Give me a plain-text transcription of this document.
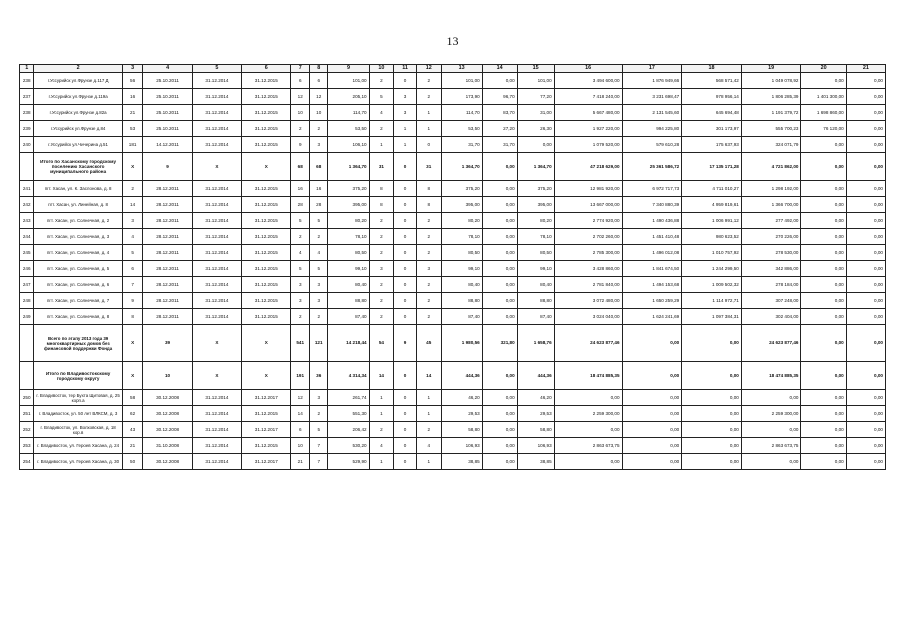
13
1	2	3	4	5	6	7	8	9	10	11	12	13	14	15	16	17	18	19	20	21
238	г.Уссурийск ул.Фрунзе д.117 Д	56	25.10.2011	31.12.2014	31.12.2015	6	6	101,00	2	0	2	101,00	0,00	101,00	3 494 600,00	1 876 949,66	568 571,42	1 049 078,92	0,00	0,00
237	г.Уссурийск ул.Фрунзе д.119а	16	25.10.2011	31.12.2014	31.12.2015	12	12	205,10	5	3	2	173,90	96,70	77,20	7 418 240,00	3 231 698,47	978 956,14	1 806 285,39	1 401 300,00	0,00
238	г.Уссурийск ул.Фрунзе д.82а	21	25.10.2011	31.12.2014	31.12.2015	10	10	114,70	4	3	1	114,70	83,70	31,00	5 667 480,00	2 131 545,60	645 694,48	1 191 379,72	1 698 860,00	0,00
239	г.Уссурийск ул.Фрунзе д.84	53	25.10.2011	31.12.2014	31.12.2015	2	2	53,50	2	1	1	53,50	27,20	26,30	1 927 220,00	994 225,80	301 173,97	555 700,23	76 120,00	0,00
240	г.Уссурийск ул.Чичерина д.51	181	14.12.2011	31.12.2014	31.12.2015	9	3	106,10	1	1	0	31,70	31,70	0,00	1 079 520,00	579 610,28	175 637,93	324 071,79	0,00	0,00
	Итого по Хасанскому городскому поселению Хасанского муниципального района	Х	9	Х	Х	68	68	1 364,70	31	0	31	1 364,70	0,00	1 364,70	47 218 629,00	25 361 586,72	17 135 171,28	4 721 862,00	0,00	0,00
241	пгт. Хасан, ул. К. Заслонова, д. 8	2	28.12.2011	31.12.2014	31.12.2015	16	16	375,20	8	0	8	375,20	0,00	375,20	12 981 920,00	6 972 717,73	4 711 010,27	1 298 192,00	0,00	0,00
242	пгт. Хасан, ул. Линейная, д. 8	14	28.12.2011	31.12.2014	31.12.2015	28	28	395,00	8	0	8	395,00	0,00	395,00	13 667 000,00	7 340 880,39	4 959 819,61	1 366 700,00	0,00	0,00
243	пгт. Хасан, ул. Солнечная, д. 2	3	28.12.2011	31.12.2014	31.12.2015	5	5	80,20	2	0	2	80,20	0,00	80,20	2 774 920,00	1 490 436,88	1 006 991,12	277 492,00	0,00	0,00
244	пгт. Хасан, ул. Солнечная, д. 3	4	28.12.2011	31.12.2014	31.12.2015	2	2	78,10	2	0	2	78,10	0,00	78,10	2 702 260,00	1 451 410,48	980 623,52	270 226,00	0,00	0,00
245	пгт. Хасан, ул. Солнечная, д. 4	5	28.12.2011	31.12.2014	31.12.2015	4	4	80,50	2	0	2	80,50	0,00	80,50	2 785 300,00	1 496 012,08	1 010 757,92	278 530,00	0,00	0,00
246	пгт. Хасан, ул. Солнечная, д. 5	6	28.12.2011	31.12.2014	31.12.2015	5	5	99,10	3	0	3	99,10	0,00	99,10	3 428 860,00	1 841 674,50	1 244 299,50	342 886,00	0,00	0,00
247	пгт. Хасан, ул. Солнечная, д. 6	7	28.12.2011	31.12.2014	31.12.2015	3	3	80,40	2	0	2	80,40	0,00	80,40	2 781 840,00	1 494 153,68	1 009 502,32	278 184,00	0,00	0,00
248	пгт. Хасан, ул. Солнечная, д. 7	9	28.12.2011	31.12.2014	31.12.2015	3	3	88,80	2	0	2	88,80	0,00	88,80	3 072 480,00	1 650 259,29	1 114 972,71	307 248,00	0,00	0,00
249	пгт. Хасан, ул. Солнечная, д. 8	8	28.12.2011	31.12.2014	31.12.2015	2	2	87,40	2	0	2	87,40	0,00	87,40	3 024 040,00	1 624 241,69	1 097 384,31	302 404,00	0,00	0,00
	Всего по этапу 2013 года 39 многоквартирных домов без финансовой поддержки Фонда	Х	39	Х	Х	541	121	14 218,44	54	9	45	1 980,56	321,80	1 658,76	24 623 877,46	0,00	0,00	24 623 877,46	0,00	0,00
	Итого по Владивостокскому городскому округу	Х	10	Х	Х	191	36	4 314,34	14	0	14	444,36	0,00	444,36	18 474 885,35	0,00	0,00	18 474 885,35	0,00	0,00
250	г. Владивосток, тер Бухта Щитовая, д. 25 корп.а	58	30.12.2008	31.12.2014	31.12.2017	12	3	261,74	1	0	1	46,20	0,00	46,20	0,00	0,00	0,00	0,00	0,00	0,00
251	г. Владивосток, ул. 50 лет ВЛКСМ, д. 3	62	30.12.2008	31.12.2014	31.12.2015	14	2	551,30	1	0	1	29,53	0,00	29,53	2 259 300,00	0,00	0,00	2 259 300,00	0,00	0,00
252	г. Владивосток, ул. Волховская, д. 18 кор.в	43	30.12.2008	31.12.2014	31.12.2017	6	5	206,42	2	0	2	58,80	0,00	58,80	0,00	0,00	0,00	0,00	0,00	0,00
253	г. Владивосток, ул. Героев Хасана, д. 24	21	31.10.2008	31.12.2014	31.12.2015	10	7	530,20	4	0	4	106,93	0,00	106,93	2 863 673,75	0,00	0,00	2 863 673,75	0,00	0,00
254	г. Владивосток, ул. Героев Хасана, д. 30	50	30.12.2008	31.12.2014	31.12.2017	21	7	529,90	1	0	1	38,85	0,00	38,85	0,00	0,00	0,00	0,00	0,00	0,00
